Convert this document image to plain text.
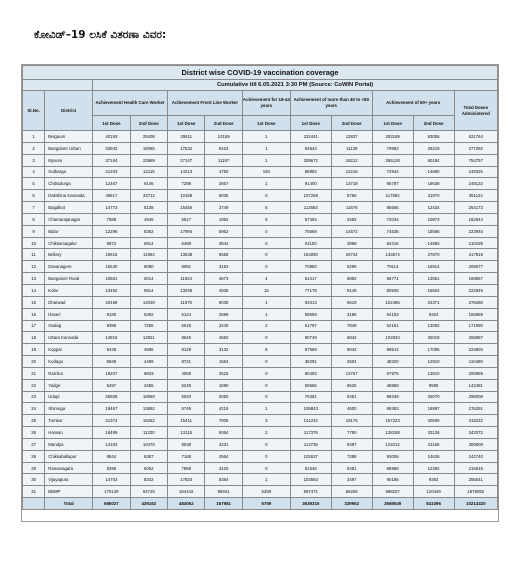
ಕೋವಿಡ್–19 ಲಸಿಕೆ ವಿತರಣಾ ವಿವರ:
District wise COVID-19 vaccination coverage											
		Cumulative till 6.05.2021 3:30 PM (Source: CoWIN Portal)									
Sl.No.	District	Achievement Health Care Worker		Achievement Front Line Worker		Achievement for 18-44 years	Achievement of more than 45 to <60 years		Achievement of 60+ years		Total Doses Administered
		1st Dose	2nd Dose	1st Dose	2nd Dose	1st Dose	1st Dose	2nd Dose	1st Dose	2nd Dose	
1	Belgaum	40193	29408	29511	10159	1	232441	13837	283189	93055	621764
2	Bangalore Urban	33942	18095	17532	6424	1	84844	11139	79982	29219	277292
3	Mysore	37184	23969	27147	11197	1	309672	18212	265128	60184	754757
4	Gulbarga	21203	12118	14213	4750	160	98882	12216	72944	14680	249326
5	Chitradurga	12467	9146	7298	2667	1	91400	13718	95787	16638	249132
6	Dakshina Kannada	48617	33712	10158	9036	0	107259	5766	117892	31970	361124
7	Bagalkot	14773	8138	15456	3749	5	112683	11678	85665	12424	264173
8	Chamarajanagar	7588	4945	5517	1992	9	57494	3482	72034	10973	162944
9	Bidar	12296	6362	17994	5962	0	75669	14572	74535	15566	223946
10	Chikkamagalur	9872	6814	6488	3844	0	81100	3898	84316	14983	210189
11	Bellary	19615	11953	13538	5565	0	154050	28744	133574	27870	417919
12	Davanagere	15540	9080	8081	3153	0	70850	6295	79114	16914	208677
13	Bangalore Rural	10561	6014	11924	4673	4	61417	6892	56771	13551	169867
14	Kolar	13492	9914	13048	4936	15	77178	9149	80505	15504	222949
15	Dharwad	20468	14039	11970	9039	1	93313	6619	102465	24371	276286
16	Haveri	8180	5392	6124	2699	1	59659	3186	64193	9324	155589
17	Gadag	9396	7255	6619	3240	2	61797	7848	62161	13082	171990
18	Uttara Kannada	14816	12821	8645	4560	0	90749	6842	102833	25019	265887
19	Koppal	9448	4896	8129	3132	8	87589	9042	89514	17095	224803
20	Kodagu	5849	4499	8721	1664	0	36291	2504	48320	12810	110499
21	Raichur	18207	9833	4059	2515	0	80493	13767	67975	13810	206959
22	Yadgir	5497	3455	5248	1690	0	59565	8625	48868	9585	142481
23	Udupi	25608	18569	5020	3050	0	76381	5461	98349	26070	298008
24	Shimoga	19467	13692	5749	4219	1	106843	4600	99383	18997	276291
25	Tumkur	21374	16252	15411	7005	3	141242	19176	157223	40506	418222
26	Hassan	16499	11220	13115	5064	2	117379	7790	128188	33126	342072
27	Mandya	14183	10478	9038	4231	0	113735	9487	124012	21159	306809
28	Chikkaballapur	8844	6367	7188	2564	0	102637	7288	93006	14626	242740
29	Ramanagara	9295	6052	7868	3120	0	81546	5481	88968	12392	216615
30	Vijayapura	14703	8342	17834	5384	1	103663	3497	90186	9382	255541
31	BBMP	175149	94729	164442	88841	5359	597471	66206	588207	120449	1878082
	Total	685027	439162	484062	167981	5759	3639315	329952	3569549	841096	10214320
